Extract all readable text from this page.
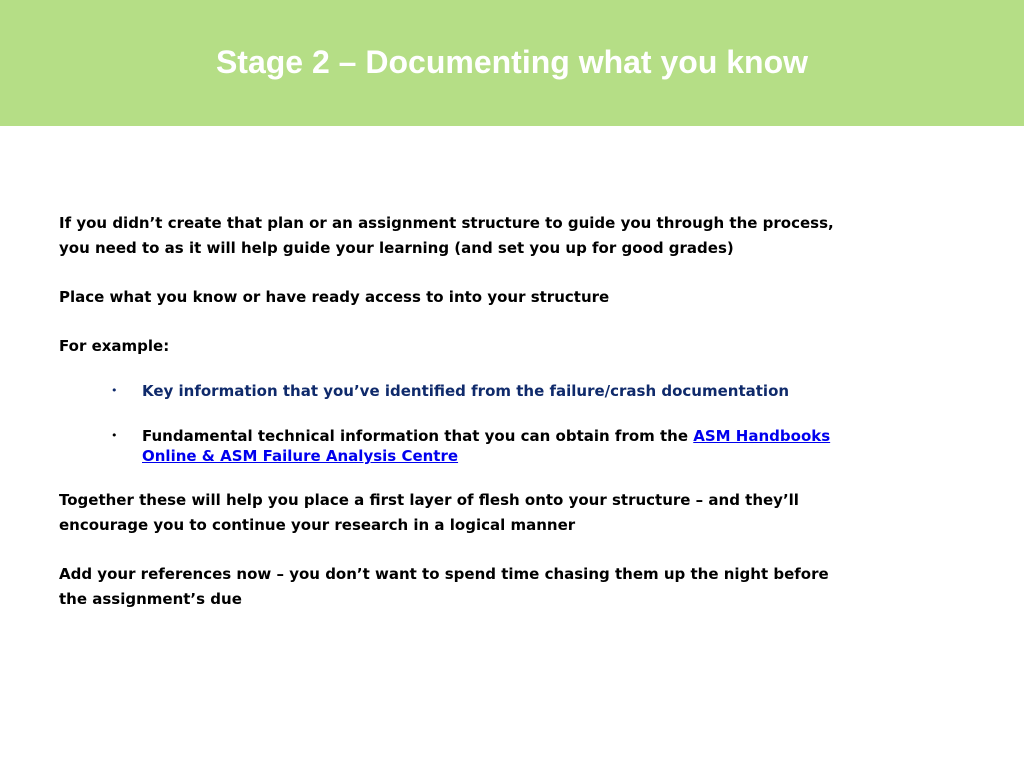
Stage 2 – Documenting what you know

If you didn’t create that plan or an assignment structure to guide you through the process,
you need to as it will help guide your learning (and set you up for good grades)

Place what you know or have ready access to into your structure

For example:

• Key information that you’ve identified from the failure/crash documentation
• Fundamental technical information that you can obtain from the ASM Handbooks
Online & ASM Failure Analysis Centre

Together these will help you place a first layer of flesh onto your structure – and they’ll
encourage you to continue your research in a logical manner

Add your references now – you don’t want to spend time chasing them up the night before
the assignment’s due
